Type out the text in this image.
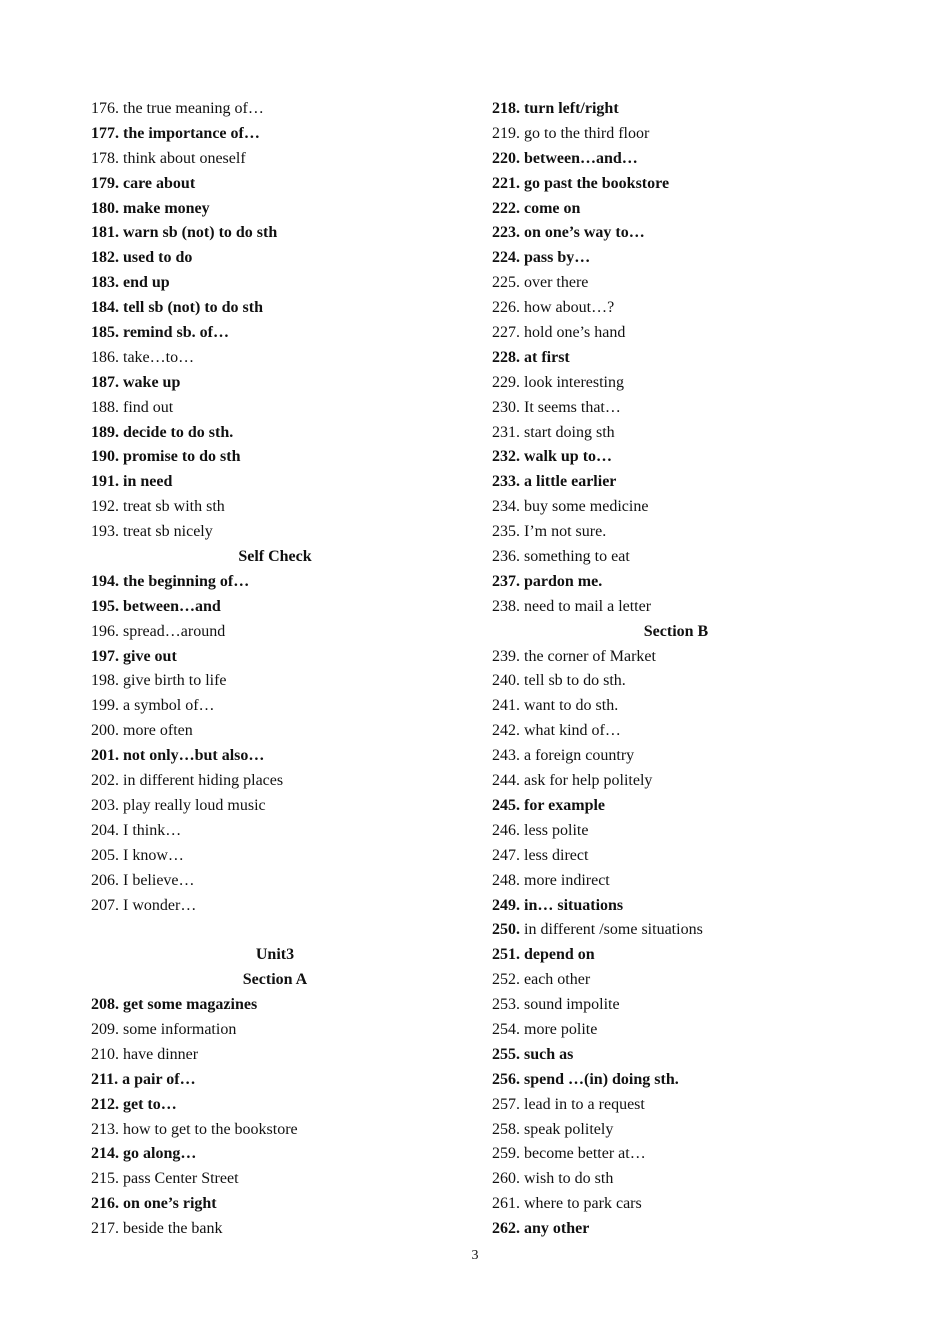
176. the true meaning of…
177. the importance of…
178. think about oneself
179. care about
180. make money
181. warn sb (not) to do sth
182. used to do
183. end up
184. tell sb (not) to do sth
185. remind sb. of…
186. take…to…
187. wake up
188. find out
189. decide to do sth.
190. promise to do sth
191. in need
192. treat sb with sth
193. treat sb nicely
Self Check
194. the beginning of…
195. between…and
196. spread…around
197. give out
198. give birth to life
199. a symbol of…
200. more often
201. not only…but also…
202. in different hiding places
203. play really loud music
204. I think…
205. I know…
206. I believe…
207. I wonder…
Unit3
Section A
208. get some magazines
209. some information
210. have dinner
211. a pair of…
212. get to…
213. how to get to the bookstore
214. go along…
215. pass Center Street
216. on one’s right
217. beside the bank
218. turn left/right
219. go to the third floor
220. between…and…
221. go past the bookstore
222. come on
223. on one’s way to…
224. pass by…
225. over there
226. how about…?
227. hold one’s hand
228. at first
229. look interesting
230. It seems that…
231. start doing sth
232. walk up to…
233. a little earlier
234. buy some medicine
235. I’m not sure.
236. something to eat
237. pardon me.
238. need to mail a letter
Section B
239. the corner of Market
240. tell sb to do sth.
241. want to do sth.
242. what kind of…
243. a foreign country
244. ask for help politely
245. for example
246. less polite
247. less direct
248. more indirect
249. in… situations
250. in different /some situations
251. depend on
252. each other
253. sound impolite
254. more polite
255. such as
256. spend …(in) doing sth.
257. lead in to a request
258. speak politely
259. become better at…
260. wish to do sth
261. where to park cars
262. any other
3
